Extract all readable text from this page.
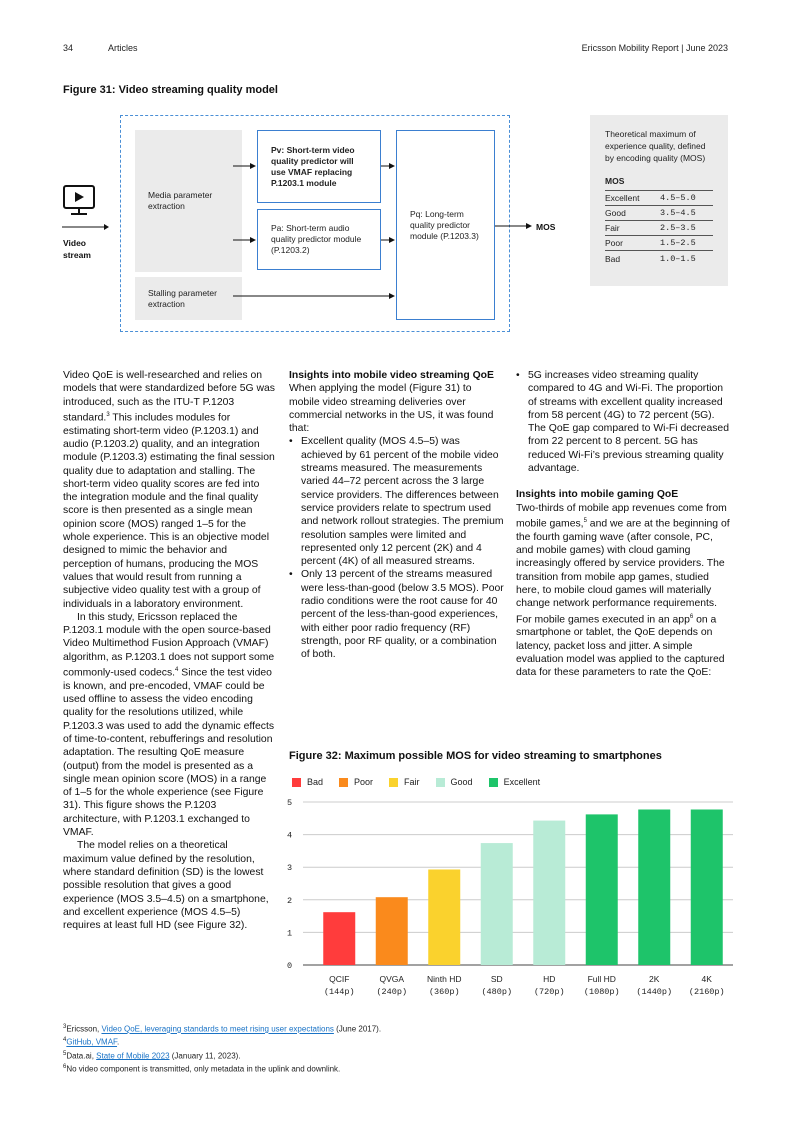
34	Articles	Ericsson Mobility Report | June 2023
Figure 31: Video streaming quality model
Video stream
Media parameter extraction
Stalling parameter extraction
Pv: Short-term video quality predictor will use VMAF replacing P.1203.1 module
Pa: Short-term audio quality predictor module (P.1203.2)
Pq: Long-term quality predictor module (P.1203.3)
MOS
Theoretical maximum of experience quality, defined by encoding quality (MOS)
MOS
Excellent	4.5–5.0
Good	3.5–4.5
Fair	2.5–3.5
Poor	1.5–2.5
Bad	1.0–1.5

Video QoE is well-researched and relies on models that were standardized before 5G was introduced, such as the ITU-T P.1203 standard.$^3$ This includes modules for estimating short-term video (P.1203.1) and audio (P.1203.2) quality, and an integration module (P.1203.3) estimating the final session quality due to adaptation and stalling. The short-term video quality scores are fed into the integration module and the final quality score is then presented as a single mean opinion score (MOS) ranged 1–5 for the whole experience. This is an objective model designed to mimic the behavior and perception of humans, producing the MOS values that would result from running a subjective video quality test with a group of individuals in a laboratory environment.

In this study, Ericsson replaced the P.1203.1 module with the open source-based Video Multimethod Fusion Approach (VMAF) algorithm, as P.1203.1 does not support some commonly-used codecs.$^4$ Since the test video is known, and pre-encoded, VMAF could be used offline to assess the video encoding quality for the resolutions utilized, while P.1203.3 was used to add the dynamic effects of time-to-content, rebufferings and resolution adaptation. The resulting QoE measure (output) from the model is presented as a single mean opinion score (MOS) in a range of 1–5 for the whole experience (see Figure 31). This figure shows the P.1203 architecture, with P.1203.1 exchanged to VMAF.

The model relies on a theoretical maximum value defined by the resolution, where standard definition (SD) is the lowest possible resolution that gives a good experience (MOS 3.5–4.5) on a smartphone, and excellent experience (MOS 4.5–5) requires at least full HD (see Figure 32).

Insights into mobile video streaming QoE

When applying the model (Figure 31) to mobile video streaming deliveries over commercial networks in the US, it was found that:

• Excellent quality (MOS 4.5–5) was achieved by 61 percent of the mobile video streams measured. The measurements varied 44–72 percent across the 3 large service providers. The differences between service providers relate to spectrum used and network rollout strategies. The premium resolution samples were limited and represented only 12 percent (2K) and 4 percent (4K) of all measured streams.
• Only 13 percent of the streams measured were less-than-good (below 3.5 MOS). Poor radio conditions were the root cause for 40 percent of the less-than-good experiences, with either poor radio frequency (RF) strength, poor RF quality, or a combination of both.
• 5G increases video streaming quality compared to 4G and Wi-Fi. The proportion of streams with excellent quality increased from 58 percent (4G) to 72 percent (5G). The QoE gap compared to Wi-Fi decreased from 22 percent to 8 percent. 5G has reduced Wi-Fi’s previous streaming quality advantage.

Insights into mobile gaming QoE

Two-thirds of mobile app revenues come from mobile games,$^5$ and we are at the beginning of the fourth gaming wave (after console, PC, and mobile games) with cloud gaming increasingly offered by service providers. The transition from mobile app games, studied here, to mobile cloud games will materially change network performance requirements.

For mobile games executed in an app$^6$ on a smartphone or tablet, the QoE depends on latency, packet loss and jitter. A simple evaluation model was applied to the captured data for these parameters to rate the QoE:

Figure 32: Maximum possible MOS for video streaming to smartphones
Bad	Poor	Fair	Good	Excellent
0
1
2
3
4
5
QCIF
(144p)
QVGA
(240p)
Ninth HD
(360p)
SD
(480p)
HD
(720p)
Full HD
(1080p)
2K
(1440p)
4K
(2160p)
$^3$Ericsson, Video QoE, leveraging standards to meet rising user expectations (June 2017).
$^4$GitHub, VMAF.
$^5$Data.ai, State of Mobile 2023 (January 11, 2023).
$^6$No video component is transmitted, only metadata in the uplink and downlink.
